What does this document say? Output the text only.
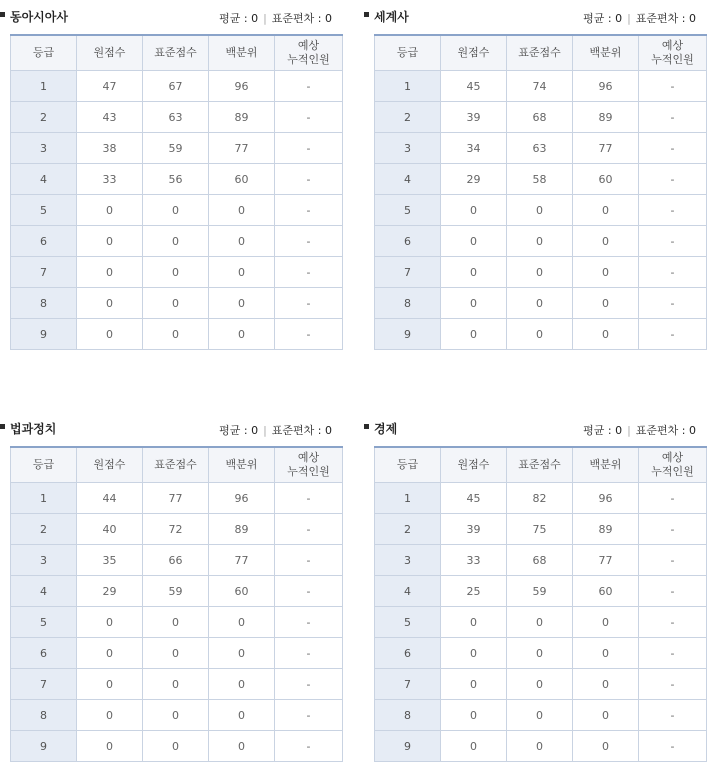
동아시아사	평균 : 0 | 표준편차 : 0
등급	원점수	표준점수	백분위	예상
누적인원
1	47	67	96	-
2	43	63	89	-
3	38	59	77	-
4	33	56	60	-
5	0	0	0	-
6	0	0	0	-
7	0	0	0	-
8	0	0	0	-
9	0	0	0	-
세계사	평균 : 0 | 표준편차 : 0
등급	원점수	표준점수	백분위	예상
누적인원
1	45	74	96	-
2	39	68	89	-
3	34	63	77	-
4	29	58	60	-
5	0	0	0	-
6	0	0	0	-
7	0	0	0	-
8	0	0	0	-
9	0	0	0	-
법과정치	평균 : 0 | 표준편차 : 0
등급	원점수	표준점수	백분위	예상
누적인원
1	44	77	96	-
2	40	72	89	-
3	35	66	77	-
4	29	59	60	-
5	0	0	0	-
6	0	0	0	-
7	0	0	0	-
8	0	0	0	-
9	0	0	0	-
경제	평균 : 0 | 표준편차 : 0
등급	원점수	표준점수	백분위	예상
누적인원
1	45	82	96	-
2	39	75	89	-
3	33	68	77	-
4	25	59	60	-
5	0	0	0	-
6	0	0	0	-
7	0	0	0	-
8	0	0	0	-
9	0	0	0	-
